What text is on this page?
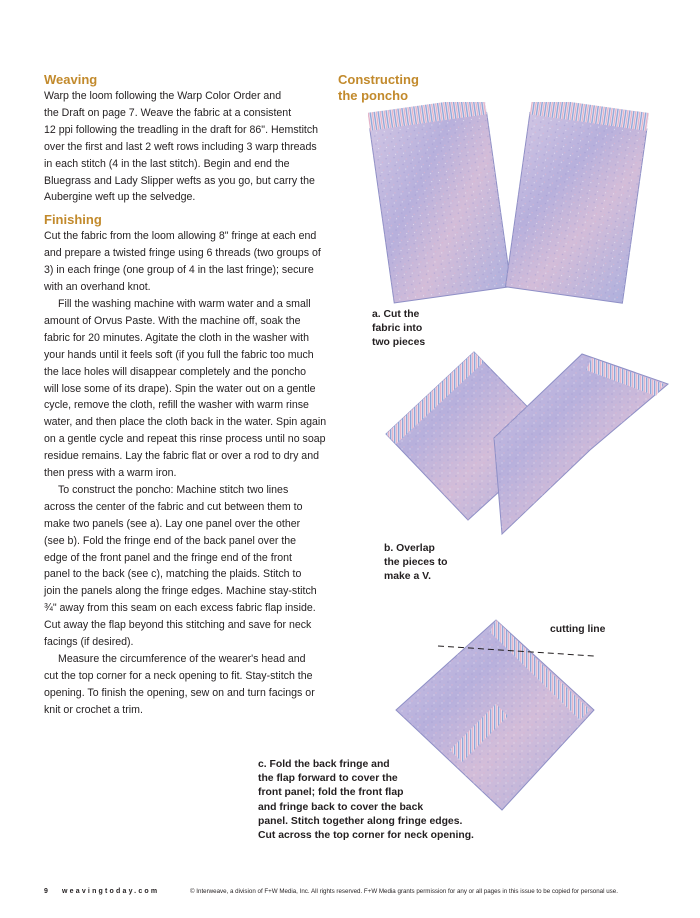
Weaving

Warp the loom following the Warp Color Order and
the Draft on page 7. Weave the fabric at a consistent
12 ppi following the treadling in the draft for 86". Hemstitch
over the first and last 2 weft rows including 3 warp threads
in each stitch (4 in the last stitch). Begin and end the
Bluegrass and Lady Slipper wefts as you go, but carry the
Aubergine weft up the selvedge.

Finishing

Cut the fabric from the loom allowing 8" fringe at each end
and prepare a twisted fringe using 6 threads (two groups of
3) in each fringe (one group of 4 in the last fringe); secure
with an overhand knot.

Fill the washing machine with warm water and a small
amount of Orvus Paste. With the machine off, soak the
fabric for 20 minutes. Agitate the cloth in the washer with
your hands until it feels soft (if you full the fabric too much
the lace holes will disappear completely and the poncho
will lose some of its drape). Spin the water out on a gentle
cycle, remove the cloth, refill the washer with warm rinse
water, and then place the cloth back in the water. Spin again
on a gentle cycle and repeat this rinse process until no soap
residue remains. Lay the fabric flat or over a rod to dry and
then press with a warm iron.

To construct the poncho: Machine stitch two lines
across the center of the fabric and cut between them to
make two panels (see a). Lay one panel over the other
(see b). Fold the fringe end of the back panel over the
edge of the front panel and the fringe end of the front
panel to the back (see c), matching the plaids. Stitch to
join the panels along the fringe edges. Machine stay-stitch
¾" away from this seam on each excess fabric flap inside.
Cut away the flap beyond this stitching and save for neck
facings (if desired).

Measure the circumference of the wearer's head and
cut the top corner for a neck opening to fit. Stay-stitch the
opening. To finish the opening, sew on and turn facings or
knit or crochet a trim.

Constructing
the poncho
a. Cut the
fabric into
two pieces
b. Overlap
the pieces to
make a V.
cutting line
c. Fold the back fringe and
the flap forward to cover the
front panel; fold the front flap
and fringe back to cover the back
panel. Stitch together along fringe edges.
Cut across the top corner for neck opening.
9 weavingtoday.com	© Interweave, a division of F+W Media, Inc. All rights reserved. F+W Media grants permission for any or all pages in this issue to be copied for personal use.
